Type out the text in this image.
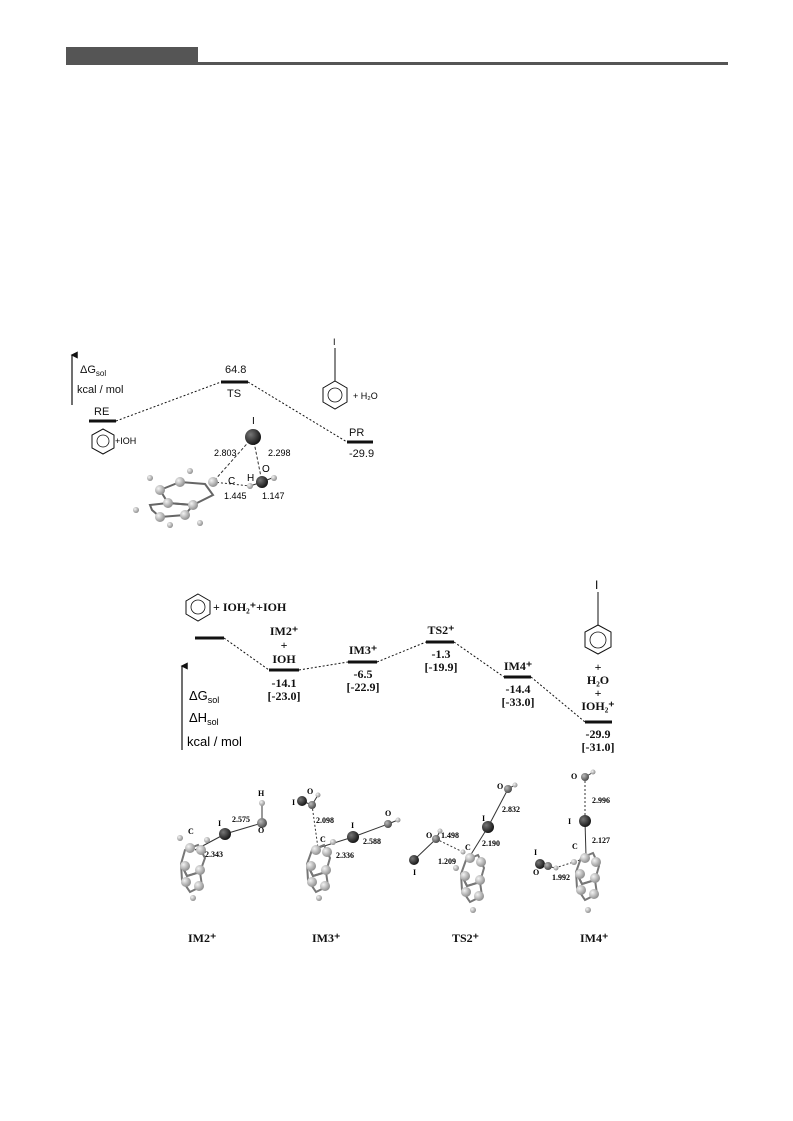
$\Delta G_{sol}$
kcal / mol
RE
64.8
TS
PR
-29.9
+IOH
I
+ H₂O
I
C H
O
2.803	2.298
1.445 1.147
+ IOH₂⁺+IOH
IM2⁺
+
IOH
-14.1
[-23.0]
IM3⁺
-6.5
[-22.9]
TS2⁺
-1.3
[-19.9]	IM4⁺
-14.4
[-33.0]
I
+
H₂O
+
IOH₂⁺
-29.9
[-31.0]
$\Delta G_{sol}$
$\Delta H_{sol}$
kcal / mol
H
I
O
C
2.575
2.343
IM2⁺
I
O
I
O
C
2.098
2.588
2.336
IM3⁺
O
I
C
O
I
1.498
1.209
2.832
2.190
TS2⁺
O
I
C
I
O
2.996
2.127
1.992
IM4⁺
